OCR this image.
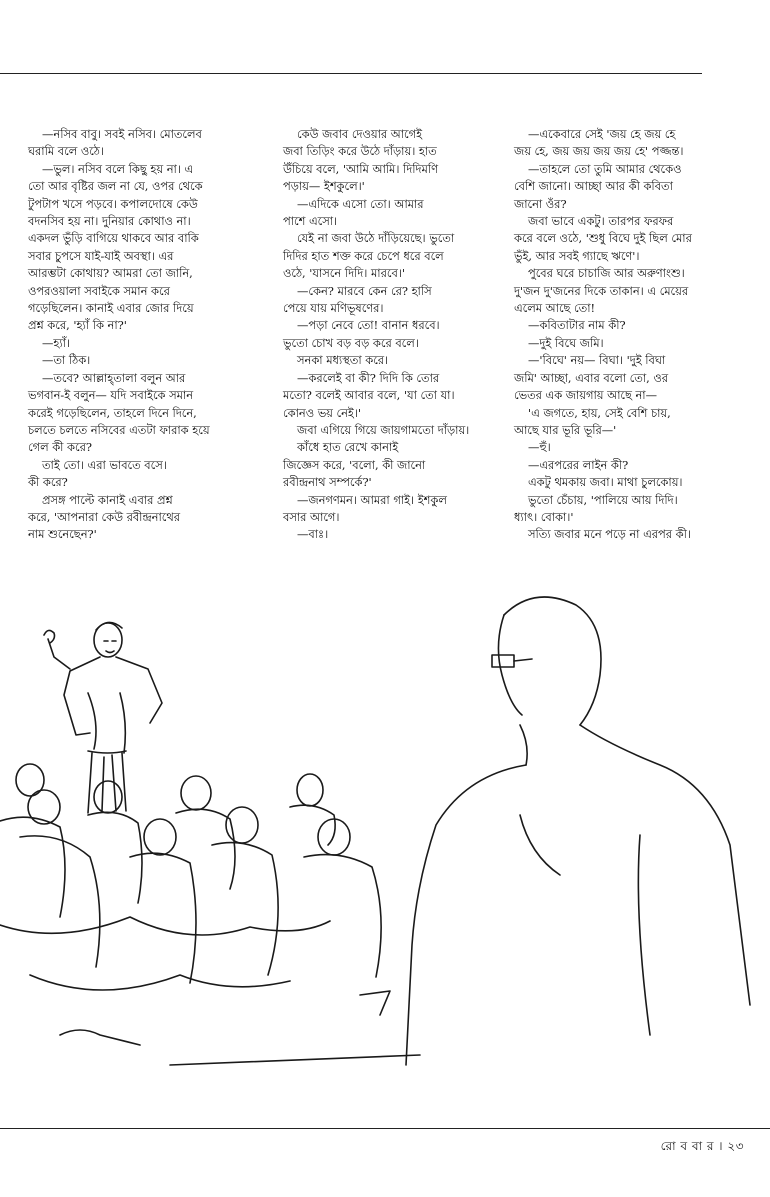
—নসিব বাবু। সবই নসিব। মোতলেব

ঘরামি বলে ওঠে।

—ভুল। নসিব বলে কিছু হয় না। এ

তো আর বৃষ্টির জল না যে, ওপর থেকে

টুপটাপ খসে পড়বে। কপালদোষে কেউ

বদনসিব হয় না। দুনিয়ার কোথাও না।

একদল ভুঁড়ি বাগিয়ে থাকবে আর বাকি

সবার চুপসে যাই-যাই অবস্থা। এর

আরম্ভটা কোথায়? আমরা তো জানি,

ওপরওয়ালা সবাইকে সমান করে

গড়েছিলেন। কানাই এবার জোর দিয়ে

প্রশ্ন করে, 'হ্যাঁ কি না?'

—হ্যাঁ।

—তা ঠিক।

—তবে? আল্লাহ্‌তালা বলুন আর

ভগবান-ই বলুন— যদি সবাইকে সমান

করেই গড়েছিলেন, তাহলে দিনে দিনে,

চলতে চলতে নসিবের এতটা ফারাক হয়ে

গেল কী করে?

তাই তো। এরা ভাবতে বসে।

কী করে?

প্রসঙ্গ পাল্টে কানাই এবার প্রশ্ন

করে, 'আপনারা কেউ রবীন্দ্রনাথের

নাম শুনেছেন?'

কেউ জবাব দেওয়ার আগেই

জবা তিড়িং করে উঠে দাঁড়ায়। হাত

উঁচিয়ে বলে, 'আমি আমি। দিদিমণি

পড়ায়— ইশকুলে।'

—এদিকে এসো তো। আমার

পাশে এসো।

যেই না জবা উঠে দাঁড়িয়েছে। ভুতো

দিদির হাত শক্ত করে চেপে ধরে বলে

ওঠে, 'যাসনে দিদি। মারবে।'

—কেন? মারবে কেন রে? হাসি

পেয়ে যায় মণিভূষণের।

—পড়া নেবে তো! বানান ধরবে।

ভুতো চোখ বড় বড় করে বলে।

সনকা মধ্যস্থতা করে।

—করলেই বা কী? দিদি কি তোর

মতো? বলেই আবার বলে, 'যা তো যা।

কোনও ভয় নেই।'

জবা এগিয়ে গিয়ে জায়গামতো দাঁড়ায়।

কাঁধে হাত রেখে কানাই

জিজ্ঞেস করে, 'বলো, কী জানো

রবীন্দ্রনাথ সম্পর্কে?'

—জনগণমন। আমরা গাই। ইশকুল

বসার আগে।

—বাঃ।

—একেবারে সেই 'জয় হে জয় হে

জয় হে, জয় জয় জয় জয় হে' পজ্জন্ত।

—তাহলে তো তুমি আমার থেকেও

বেশি জানো। আচ্ছা আর কী কবিতা

জানো ওঁর?

জবা ভাবে একটু। তারপর ফরফর

করে বলে ওঠে, 'শুধু বিঘে দুই ছিল মোর

ভুঁই, আর সবই গ্যাছে ঋণে'।

পুবের ঘরে চাচাজি আর অরুণাংশু।

দু'জন দু'জনের দিকে তাকান। এ মেয়ের

এলেম আছে তো!

—কবিতাটার নাম কী?

—দুই বিঘে জমি।

—'বিঘে' নয়— বিঘা। 'দুই বিঘা

জমি' আচ্ছা, এবার বলো তো, ওর

ভেতর এক জায়গায় আছে না—

'এ জগতে, হায়, সেই বেশি চায়,

আছে যার ভূরি ভূরি—'

—হুঁ।

—এরপরের লাইন কী?

একটু থমকায় জবা। মাথা চুলকোয়।

ভুতো চেঁচায়, 'পালিয়ে আয় দিদি।

ধ্যাৎ। বোকা।'

সত্যি জবার মনে পড়ে না এরপর কী।

রো ব বা র । ২৩
